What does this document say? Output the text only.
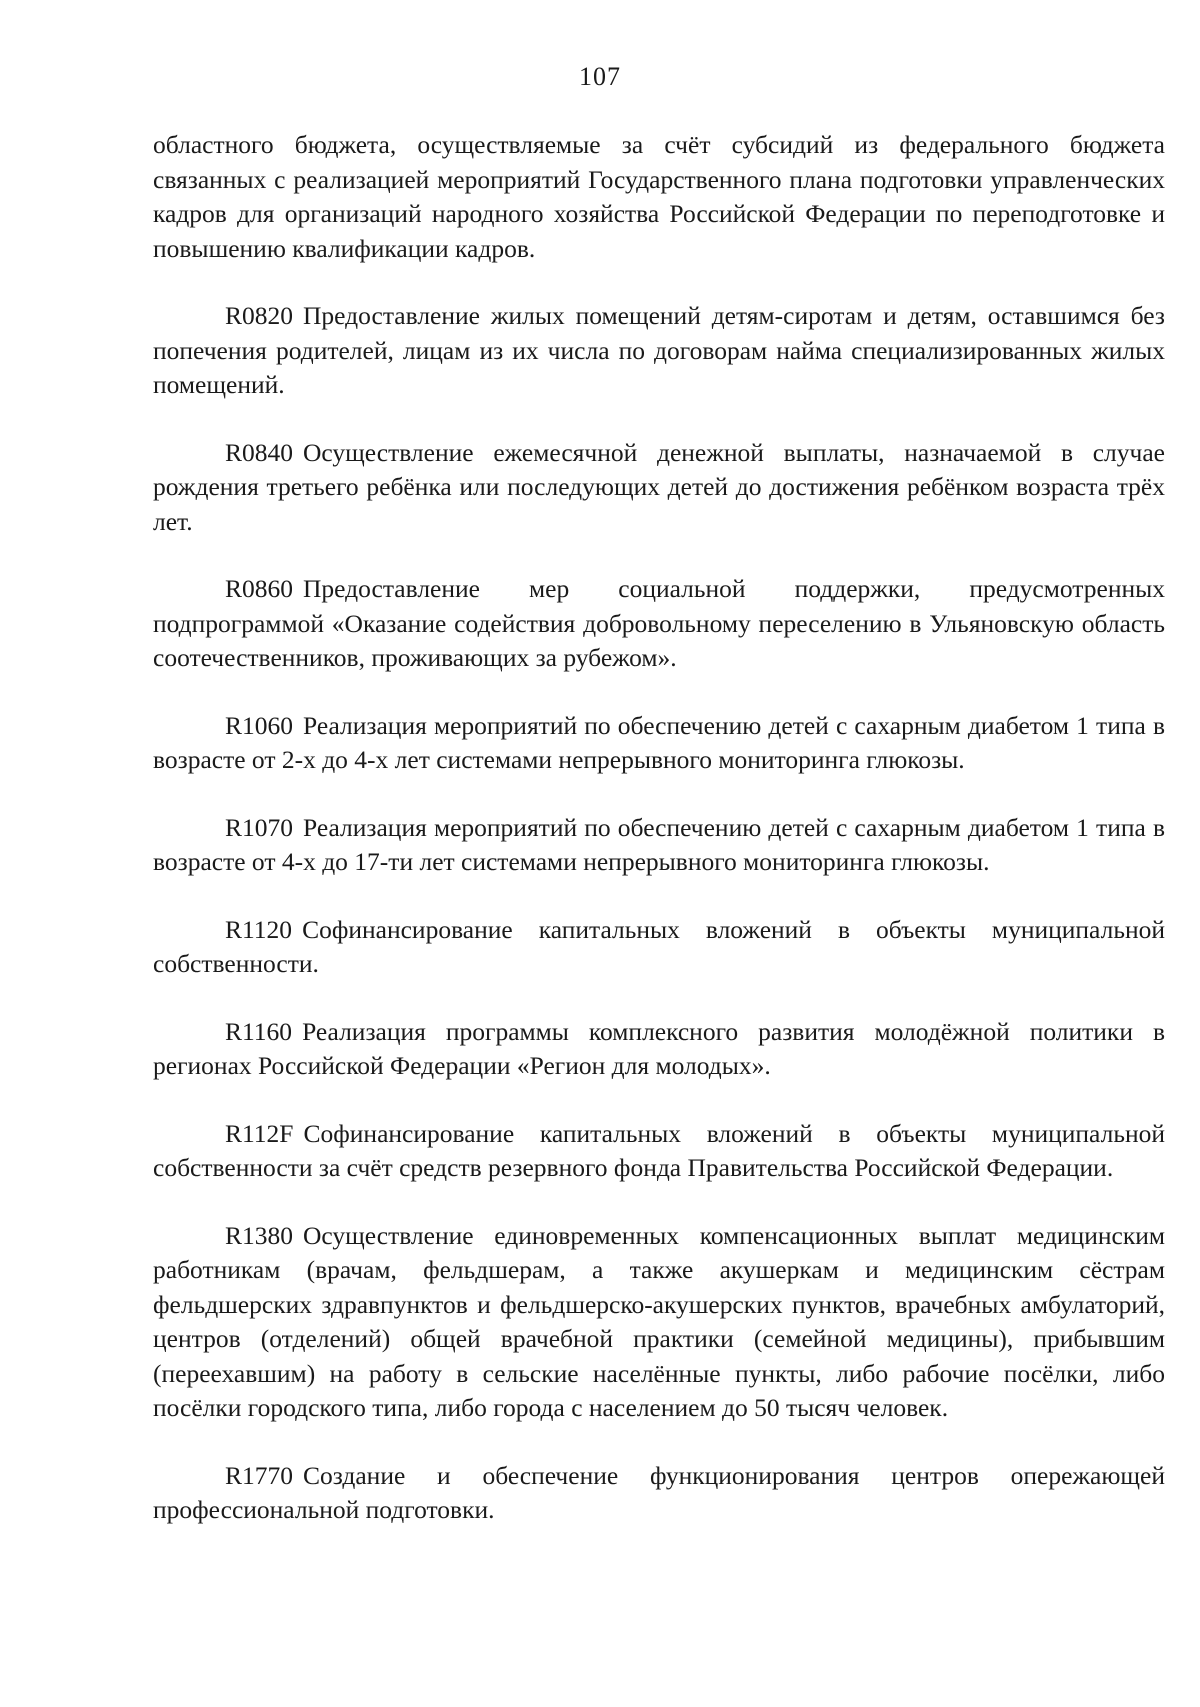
107

областного бюджета, осуществляемые за счёт субсидий из федерального бюджета связанных с реализацией мероприятий Государственного плана подготовки управленческих кадров для организаций народного хозяйства Российской Федерации по переподготовке и повышению квалификации кадров.

R0820 Предоставление жилых помещений детям-сиротам и детям, оставшимся без попечения родителей, лицам из их числа по договорам найма специализированных жилых помещений.

R0840 Осуществление ежемесячной денежной выплаты, назначаемой в случае рождения третьего ребёнка или последующих детей до достижения ребёнком возраста трёх лет.

R0860 Предоставление мер социальной поддержки, предусмотренных подпрограммой «Оказание содействия добровольному переселению в Ульяновскую область соотечественников, проживающих за рубежом».

R1060 Реализация мероприятий по обеспечению детей с сахарным диабетом 1 типа в возрасте от 2-х до 4-х лет системами непрерывного мониторинга глюкозы.

R1070 Реализация мероприятий по обеспечению детей с сахарным диабетом 1 типа в возрасте от 4-х до 17-ти лет системами непрерывного мониторинга глюкозы.

R1120 Софинансирование капитальных вложений в объекты муниципальной собственности.

R1160 Реализация программы комплексного развития молодёжной политики в регионах Российской Федерации «Регион для молодых».

R112F Софинансирование капитальных вложений в объекты муниципальной собственности за счёт средств резервного фонда Правительства Российской Федерации.

R1380 Осуществление единовременных компенсационных выплат медицинским работникам (врачам, фельдшерам, а также акушеркам и медицинским сёстрам фельдшерских здравпунктов и фельдшерско-акушерских пунктов, врачебных амбулаторий, центров (отделений) общей врачебной практики (семейной медицины), прибывшим (переехавшим) на работу в сельские населённые пункты, либо рабочие посёлки, либо посёлки городского типа, либо города с населением до 50 тысяч человек.

R1770 Создание и обеспечение функционирования центров опережающей профессиональной подготовки.
